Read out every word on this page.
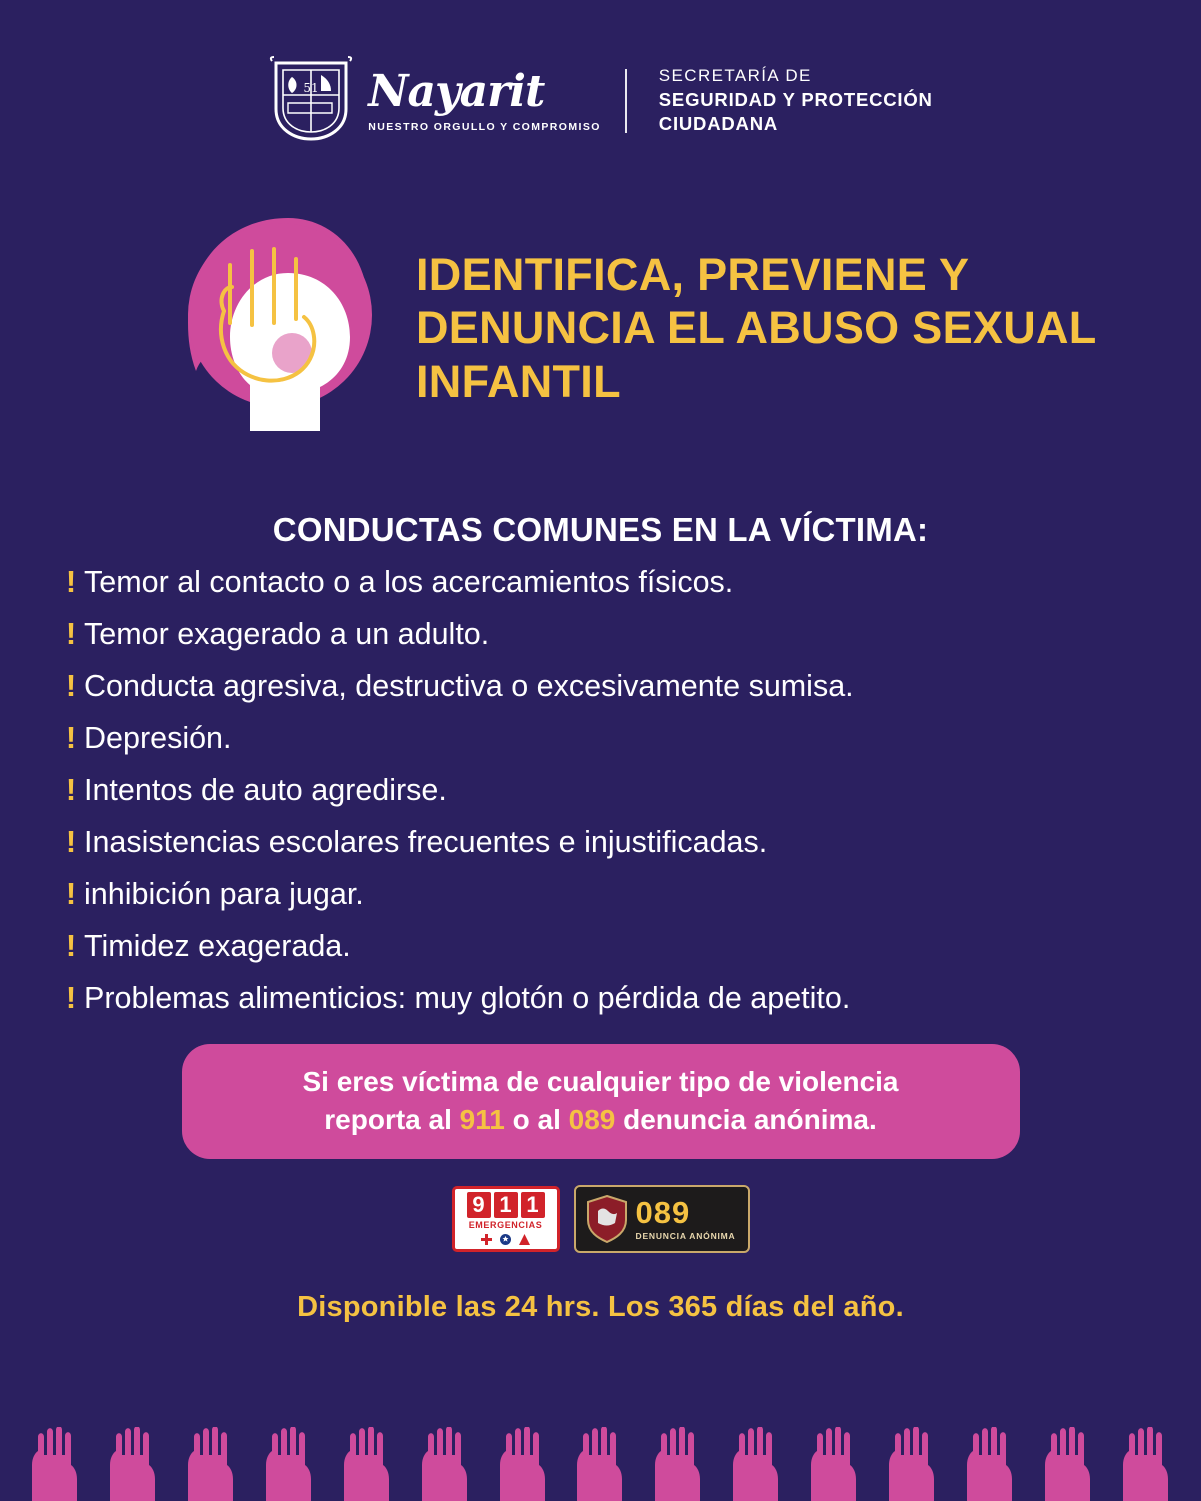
51 Nayarit
NUESTRO ORGULLO Y COMPROMISO
SECRETARÍA DE
SEGURIDAD Y PROTECCIÓN
CIUDADANA
IDENTIFICA, PREVIENE Y DENUNCIA EL ABUSO SEXUAL INFANTIL
CONDUCTAS COMUNES EN LA VÍCTIMA:
! Temor al contacto o a los acercamientos físicos.
! Temor exagerado a un adulto.
! Conducta agresiva, destructiva o excesivamente sumisa.
! Depresión.
! Intentos de auto agredirse.
! Inasistencias escolares frecuentes e injustificadas.
! inhibición para jugar.
! Timidez exagerada.
! Problemas alimenticios: muy glotón o pérdida de apetito.
Si eres víctima de cualquier tipo de violencia
reporta al 911 o al 089 denuncia anónima.
9 1 1
EMERGENCIAS	089
DENUNCIA ANÓNIMA
Disponible las 24 hrs. Los 365 días del año.
